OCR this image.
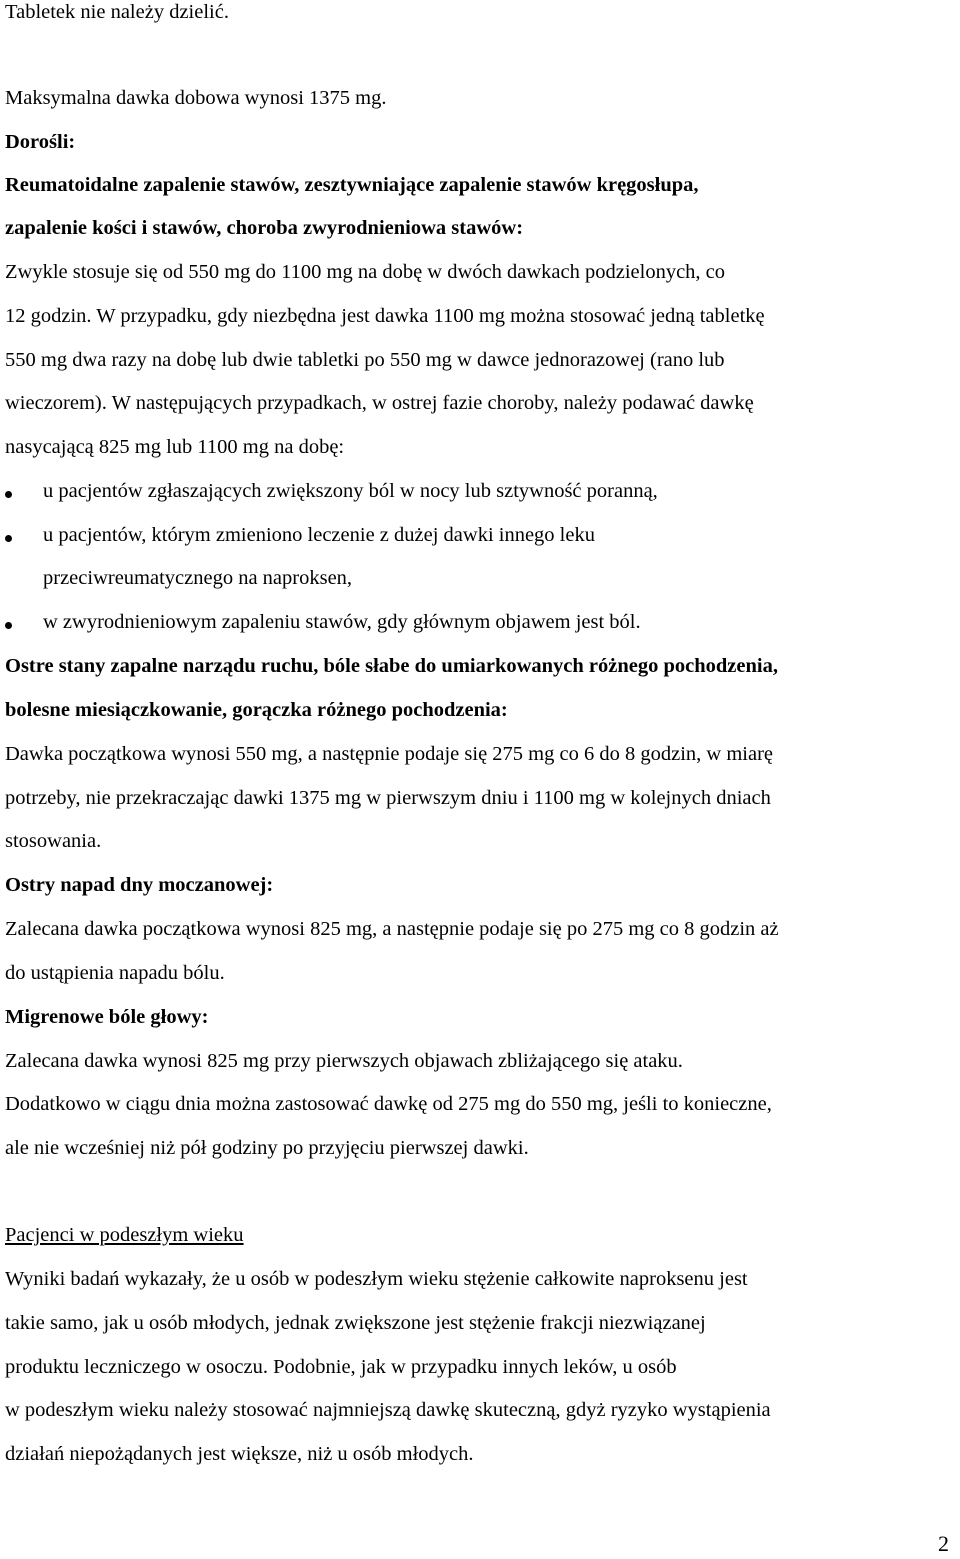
Tabletek nie należy dzielić.
Maksymalna dawka dobowa wynosi 1375 mg.
Dorośli:
Reumatoidalne zapalenie stawów, zesztywniające zapalenie stawów kręgosłupa,
zapalenie kości i stawów, choroba zwyrodnieniowa stawów:
Zwykle stosuje się od 550 mg do 1100 mg na dobę w dwóch dawkach podzielonych, co
12 godzin. W przypadku, gdy niezbędna jest dawka 1100 mg można stosować jedną tabletkę
550 mg dwa razy na dobę lub dwie tabletki po 550 mg w dawce jednorazowej (rano lub
wieczorem). W następujących przypadkach, w ostrej fazie choroby, należy podawać dawkę
nasycającą 825 mg lub 1100 mg na dobę:
u pacjentów zgłaszających zwiększony ból w nocy lub sztywność poranną,
u pacjentów, którym zmieniono leczenie z dużej dawki innego leku
przeciwreumatycznego na naproksen,
w zwyrodnieniowym zapaleniu stawów, gdy głównym objawem jest ból.
Ostre stany zapalne narządu ruchu, bóle słabe do umiarkowanych różnego pochodzenia,
bolesne miesiączkowanie, gorączka różnego pochodzenia:
Dawka początkowa wynosi 550 mg, a następnie podaje się 275 mg co 6 do 8 godzin, w miarę
potrzeby, nie przekraczając dawki 1375 mg w pierwszym dniu i 1100 mg w kolejnych dniach
stosowania.
Ostry napad dny moczanowej:
Zalecana dawka początkowa wynosi 825 mg, a następnie podaje się po 275 mg co 8 godzin aż
do ustąpienia napadu bólu.
Migrenowe bóle głowy:
Zalecana dawka wynosi 825 mg przy pierwszych objawach zbliżającego się ataku.
Dodatkowo w ciągu dnia można zastosować dawkę od 275 mg do 550 mg, jeśli to konieczne,
ale nie wcześniej niż pół godziny po przyjęciu pierwszej dawki.
Pacjenci w podeszłym wieku
Wyniki badań wykazały, że u osób w podeszłym wieku stężenie całkowite naproksenu jest
takie samo, jak u osób młodych, jednak zwiększone jest stężenie frakcji niezwiązanej
produktu leczniczego w osoczu. Podobnie, jak w przypadku innych leków, u osób
w podeszłym wieku należy stosować najmniejszą dawkę skuteczną, gdyż ryzyko wystąpienia
działań niepożądanych jest większe, niż u osób młodych.
2
